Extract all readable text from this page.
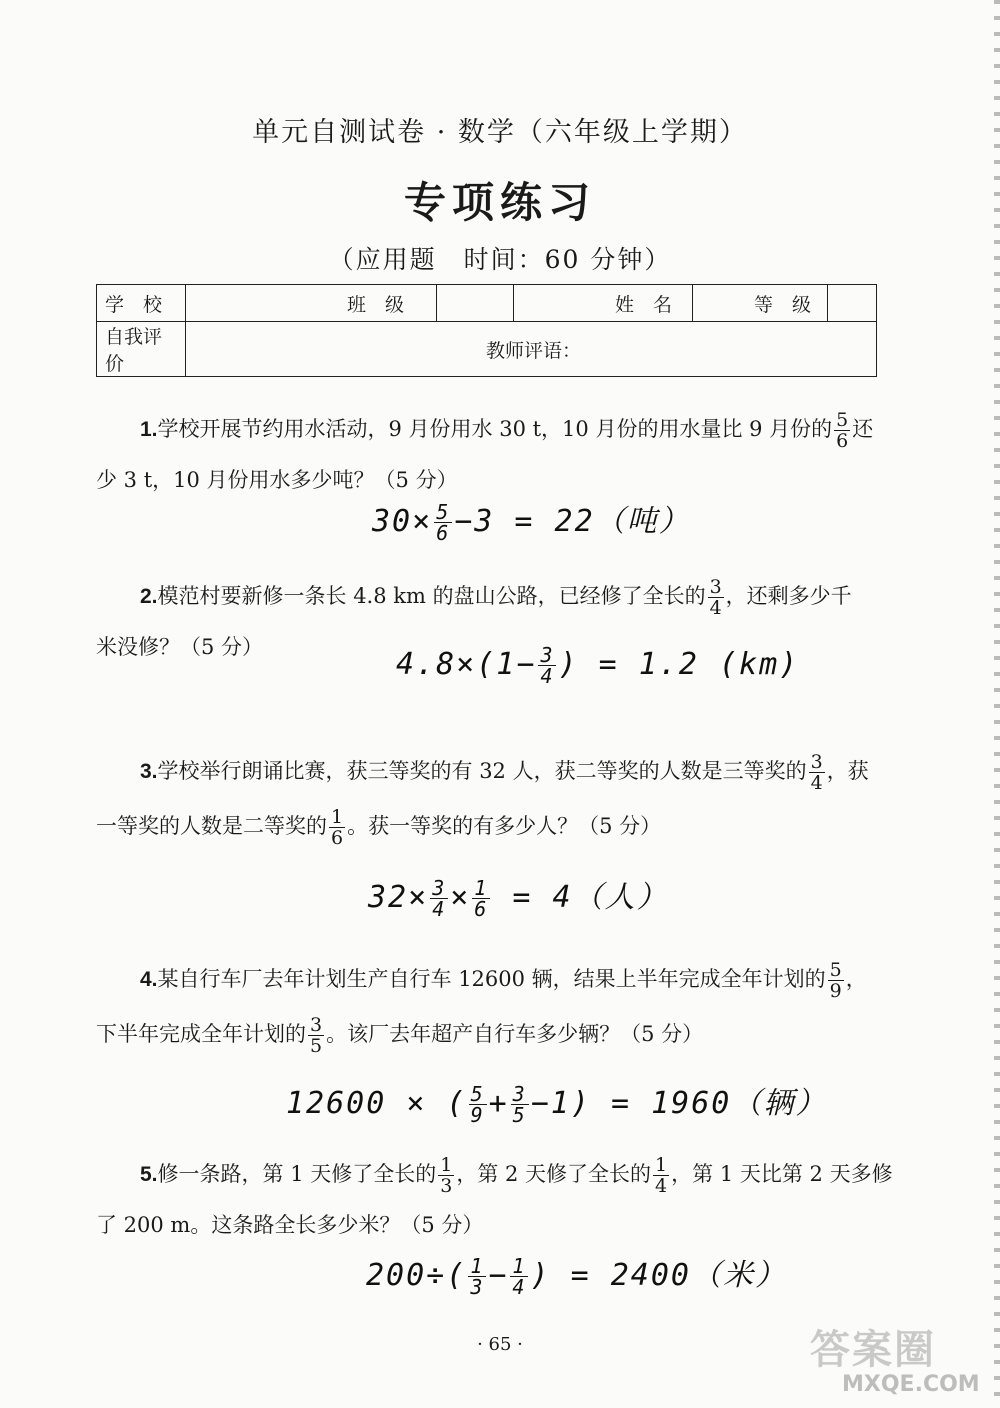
单元自测试卷 · 数学（六年级上学期）
专项练习
（应用题　时间：60 分钟）
学　校	班　级		姓　名	等　级	
自我评价	教师评语：				
1.学校开展节约用水活动，9 月份用水 30 t，10 月份的用水量比 9 月份的 $\frac{5}{6}$ 还
少 3 t，10 月份用水多少吨？（5 分）
$30\times \frac{5}{6} -3 = 22$（吨）
2.模范村要新修一条长 4.8 km 的盘山公路，已经修了全长的 $\frac{3}{4}$ ，还剩多少千
米没修？（5 分）	$4.8\times(1- \frac{3}{4}$ ) = 1.2 (km)
3.学校举行朗诵比赛，获三等奖的有 32 人，获二等奖的人数是三等奖的 $\frac{3}{4}$ ，获
一等奖的人数是二等奖的 $\frac{1}{6}$ 。获一等奖的有多少人？（5 分）
$32\times \frac{3}{4} \times \frac{1}{6} = 4$（人）
4.某自行车厂去年计划生产自行车 12600 辆，结果上半年完成全年计划的 $\frac{5}{9}$ ，
下半年完成全年计划的 $\frac{3}{5}$ 。该厂去年超产自行车多少辆？（5 分）
12600 × ( $\frac{5}{9} + \frac{3}{5} -1) = 1960$（辆）
5.修一条路，第 1 天修了全长的 $\frac{1}{3}$ ，第 2 天修了全长的 $\frac{1}{4}$ ，第 1 天比第 2 天多修
了 200 m。这条路全长多少米？（5 分）
$200\div( \frac{1}{3} - \frac{1}{4}$ ) = 2400（米）
· 65 ·	答案圈
MXQE.COM
